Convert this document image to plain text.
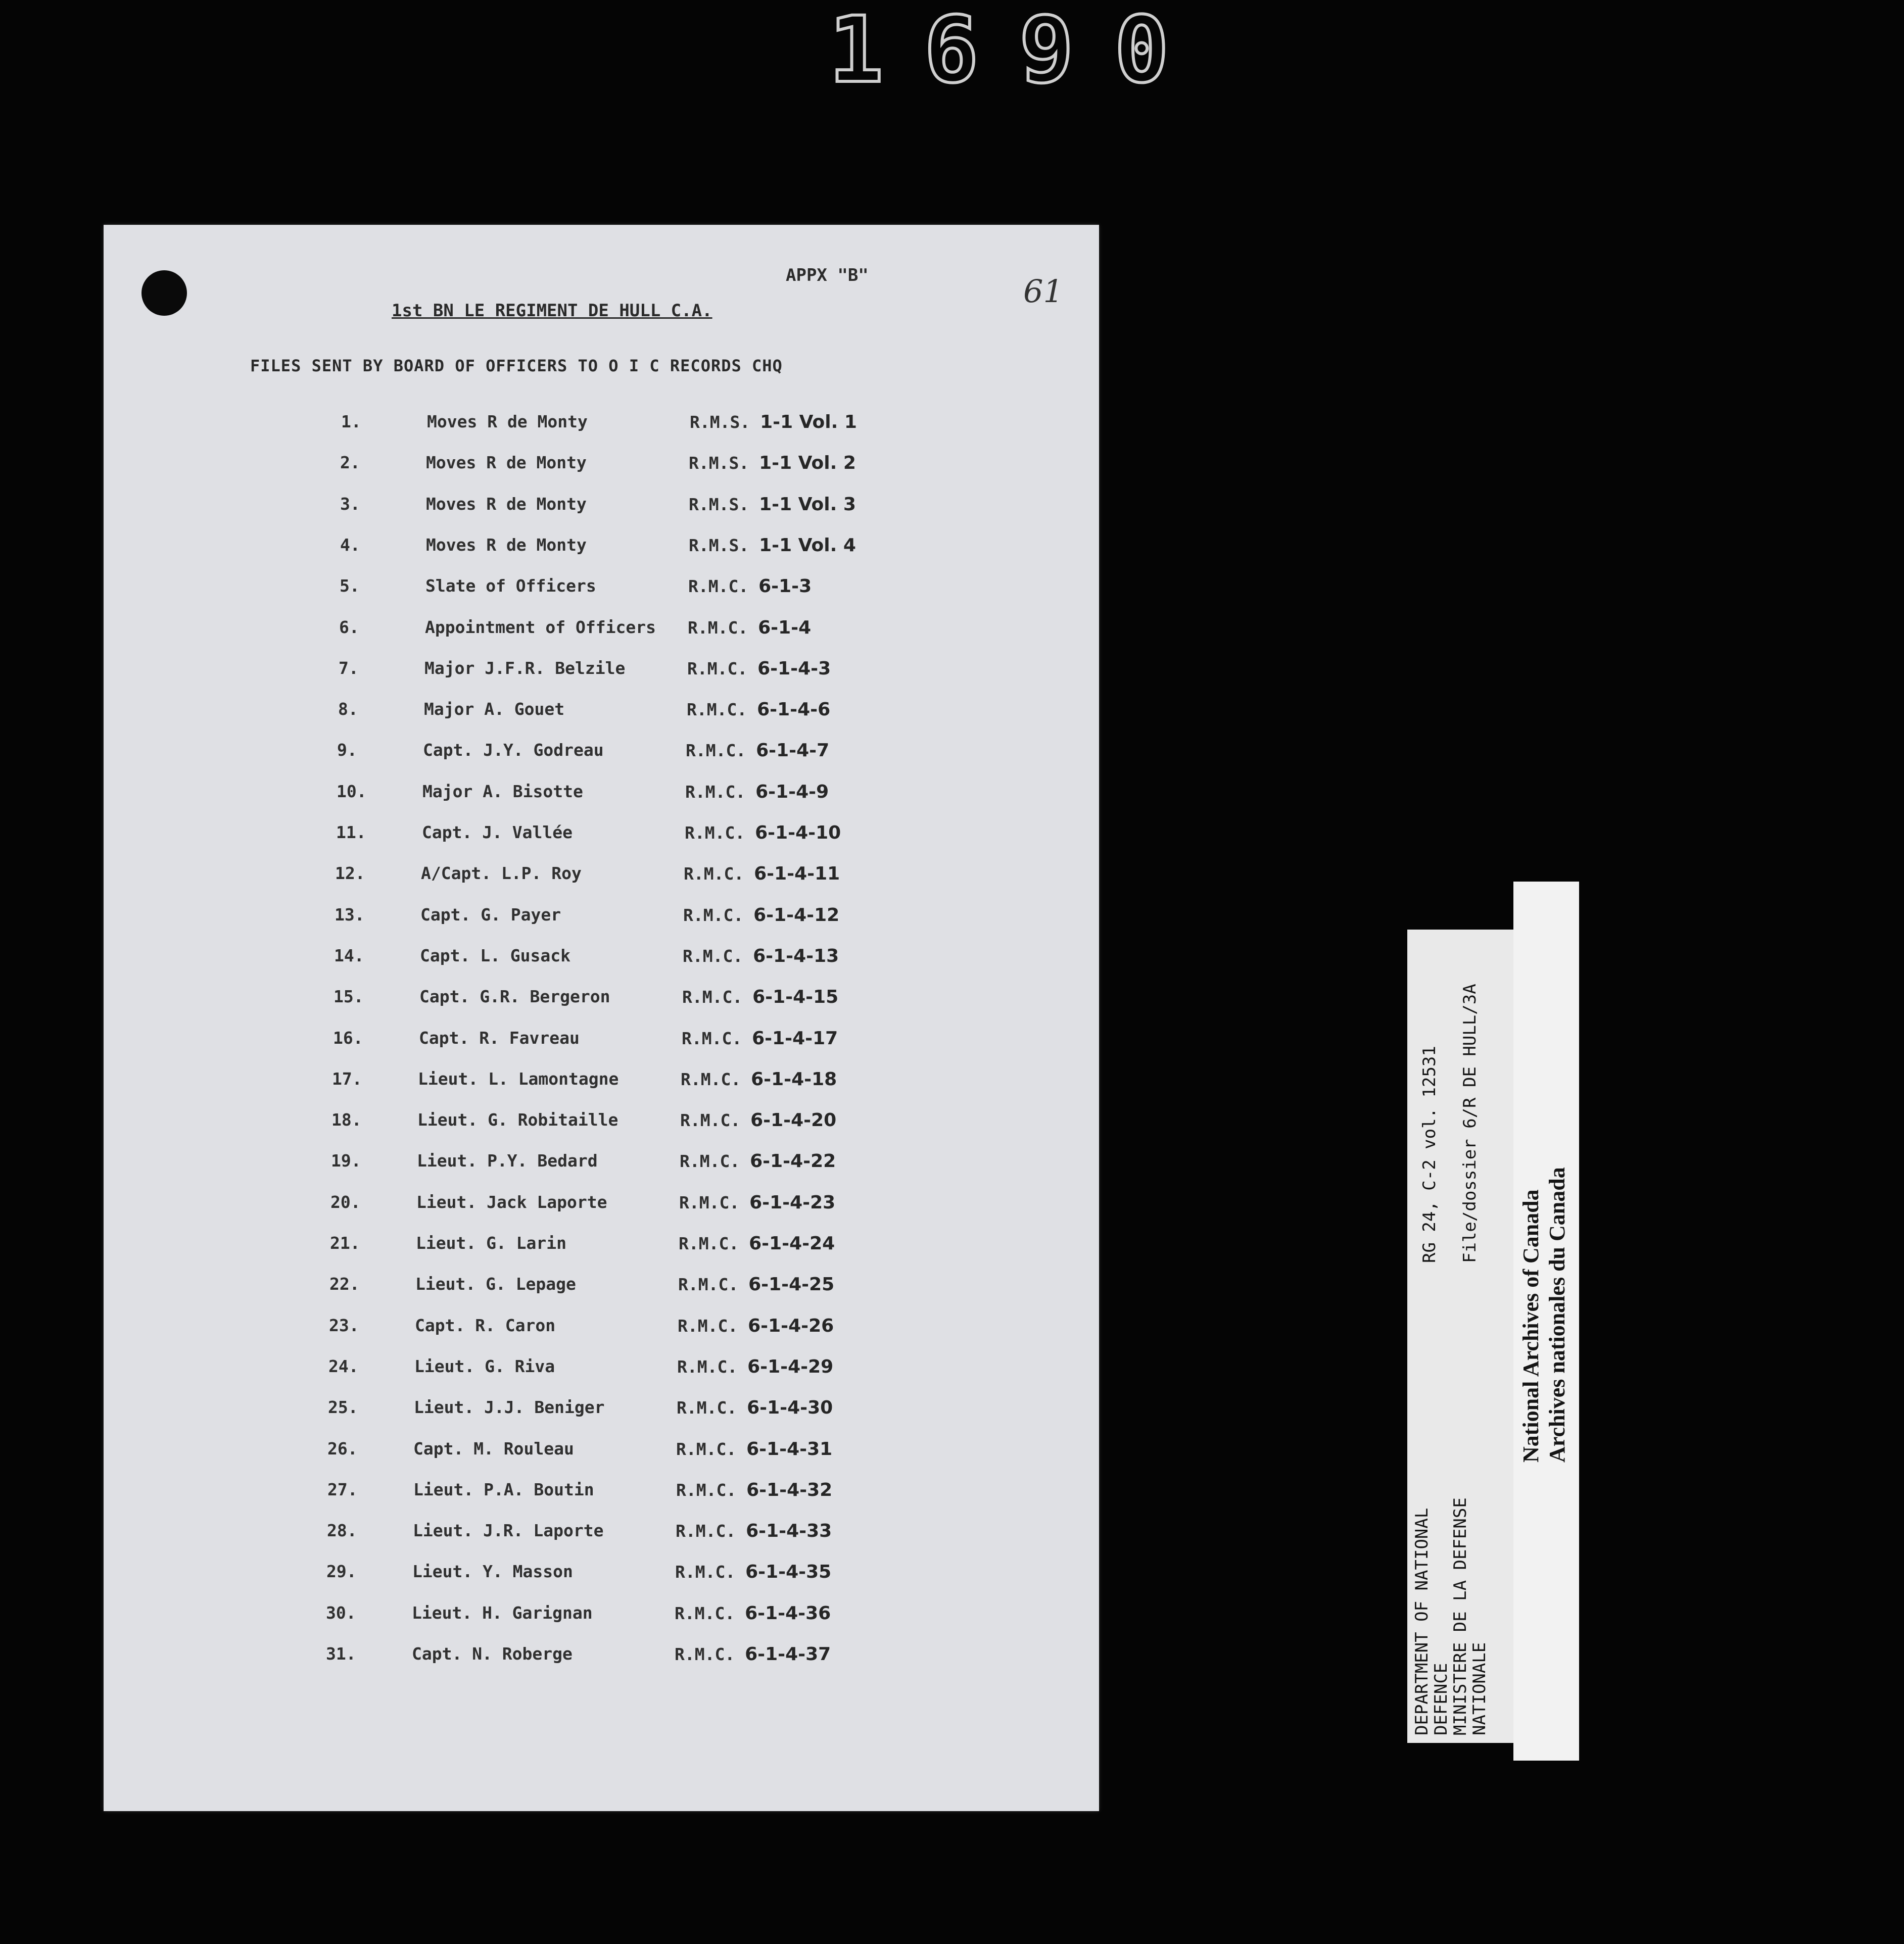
1690
APPX "B"	61
1st BN LE REGIMENT DE HULL C.A.
FILES SENT BY BOARD OF OFFICERS TO O I C RECORDS CHQ
1.	Moves R de Monty	R.M.S. 1-1 Vol. 1
2.	Moves R de Monty	R.M.S. 1-1 Vol. 2
3.	Moves R de Monty	R.M.S. 1-1 Vol. 3
4.	Moves R de Monty	R.M.S. 1-1 Vol. 4
5.	Slate of Officers	R.M.C. 6-1-3
6.	Appointment of Officers R.M.C. 6-1-4
7.	Major J.F.R. Belzile	R.M.C. 6-1-4-3
8.	Major A. Gouet	R.M.C. 6-1-4-6
9.	Capt. J.Y. Godreau	R.M.C. 6-1-4-7
10.	Major A. Bisotte	R.M.C. 6-1-4-9
11.	Capt. J. Vallée	R.M.C. 6-1-4-10
12.	A/Capt. L.P. Roy	R.M.C. 6-1-4-11
13.	Capt. G. Payer	R.M.C. 6-1-4-12
14.	Capt. L. Gusack	R.M.C. 6-1-4-13
15.	Capt. G.R. Bergeron	R.M.C. 6-1-4-15
16.	Capt. R. Favreau	R.M.C. 6-1-4-17
17.	Lieut. L. Lamontagne	R.M.C. 6-1-4-18
18.	Lieut. G. Robitaille	R.M.C. 6-1-4-20
19.	Lieut. P.Y. Bedard	R.M.C. 6-1-4-22
20.	Lieut. Jack Laporte	R.M.C. 6-1-4-23
21.	Lieut. G. Larin	R.M.C. 6-1-4-24
22.	Lieut. G. Lepage	R.M.C. 6-1-4-25
23.	Capt. R. Caron	R.M.C. 6-1-4-26
24.	Lieut. G. Riva	R.M.C. 6-1-4-29
25.	Lieut. J.J. Beniger	R.M.C. 6-1-4-30
26.	Capt. M. Rouleau	R.M.C. 6-1-4-31
27.	Lieut. P.A. Boutin	R.M.C. 6-1-4-32
28.	Lieut. J.R. Laporte	R.M.C. 6-1-4-33
29.	Lieut. Y. Masson	R.M.C. 6-1-4-35
30.	Lieut. H. Garignan	R.M.C. 6-1-4-36
31.	Capt. N. Roberge	R.M.C. 6-1-4-37	DEPARTMENT OF NATIONAL
DEFENCE
MINISTERE DE LA DEFENSE
NATIONALE
RG 24, C-2 vol. 12531 File/dossier 6/R DE HULL/3A
National Archives of Canada Archives nationales du Canada
